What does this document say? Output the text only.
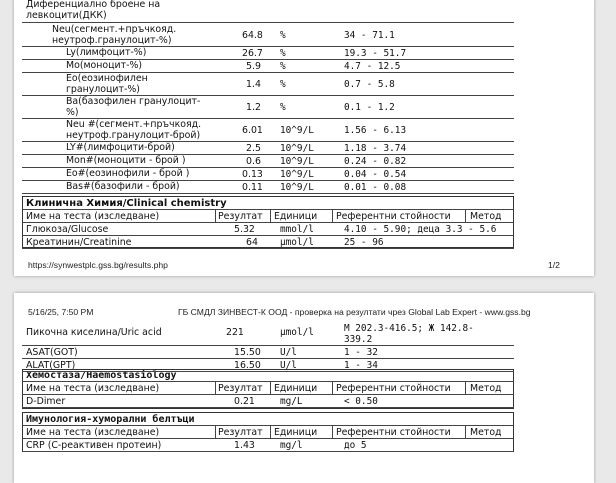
Диференциално броене на
левкоцити(ДКК)
Neu(сегмент.+пръчкояд.
неутроф.гранулоцит-%)	64.8 %	34 - 71.1
Ly(лимфоцит-%)	26.7 %	19.3 - 51.7
Mo(моноцит-%)	5.9 %	4.7 - 12.5
Eo(еозинофилен
гранулоцит-%)	1.4 %	0.7 - 5.8
Ba(базофилен гранулоцит-
%)	1.2 %	0.1 - 1.2
Neu #(сегмент.+пръчкояд.
неутроф.гранулоцит-брой)	6.01 10^9/L	1.56 - 6.13
LY#(лимфоцити-брой)	2.5 10^9/L	1.18 - 3.74
Mon#(моноцити - брой )	0.6 10^9/L	0.24 - 0.82
Eo#(еозинофили - брой )	0.13 10^9/L	0.04 - 0.54
Bas#(базофили - брой)	0.11 10^9/L	0.01 - 0.08
Клинична Химия/Clinical chemistry
Име на теста (изследване)	Резултат Единици Референтни стойности Метод
Глюкоза/Glucose	5.32	mmol/l	4.10 - 5.90; деца 3.3 - 5.6
Креатинин/Creatinine	64 µmol/l	25 - 96
https://synwestplc.gss.bg/results.php	1/2
5/16/25, 7:50 PM	ГБ СМДЛ ЗИНВЕСТ-К ООД - проверка на резултати чрез Global Lab Expert - www.gss.bg
Пикочна киселина/Uric acid	221	µmol/l	М 202.3-416.5; Ж 142.8-
339.2
ASAT(GOT)	15.50 U/l	1 - 32
ALAT(GPT)	16.50 U/l	1 - 34
Хемостаза/Haemostasiology
Име на теста (изследване)	Резултат Единици Референтни стойности Метод
D-Dimer	0.21	mg/L	< 0.50
Имунология-хуморални белтъци
Име на теста (изследване)	Резултат Единици Референтни стойности Метод
CRP (С-реактивен протеин)	1.43	mg/l	до 5
